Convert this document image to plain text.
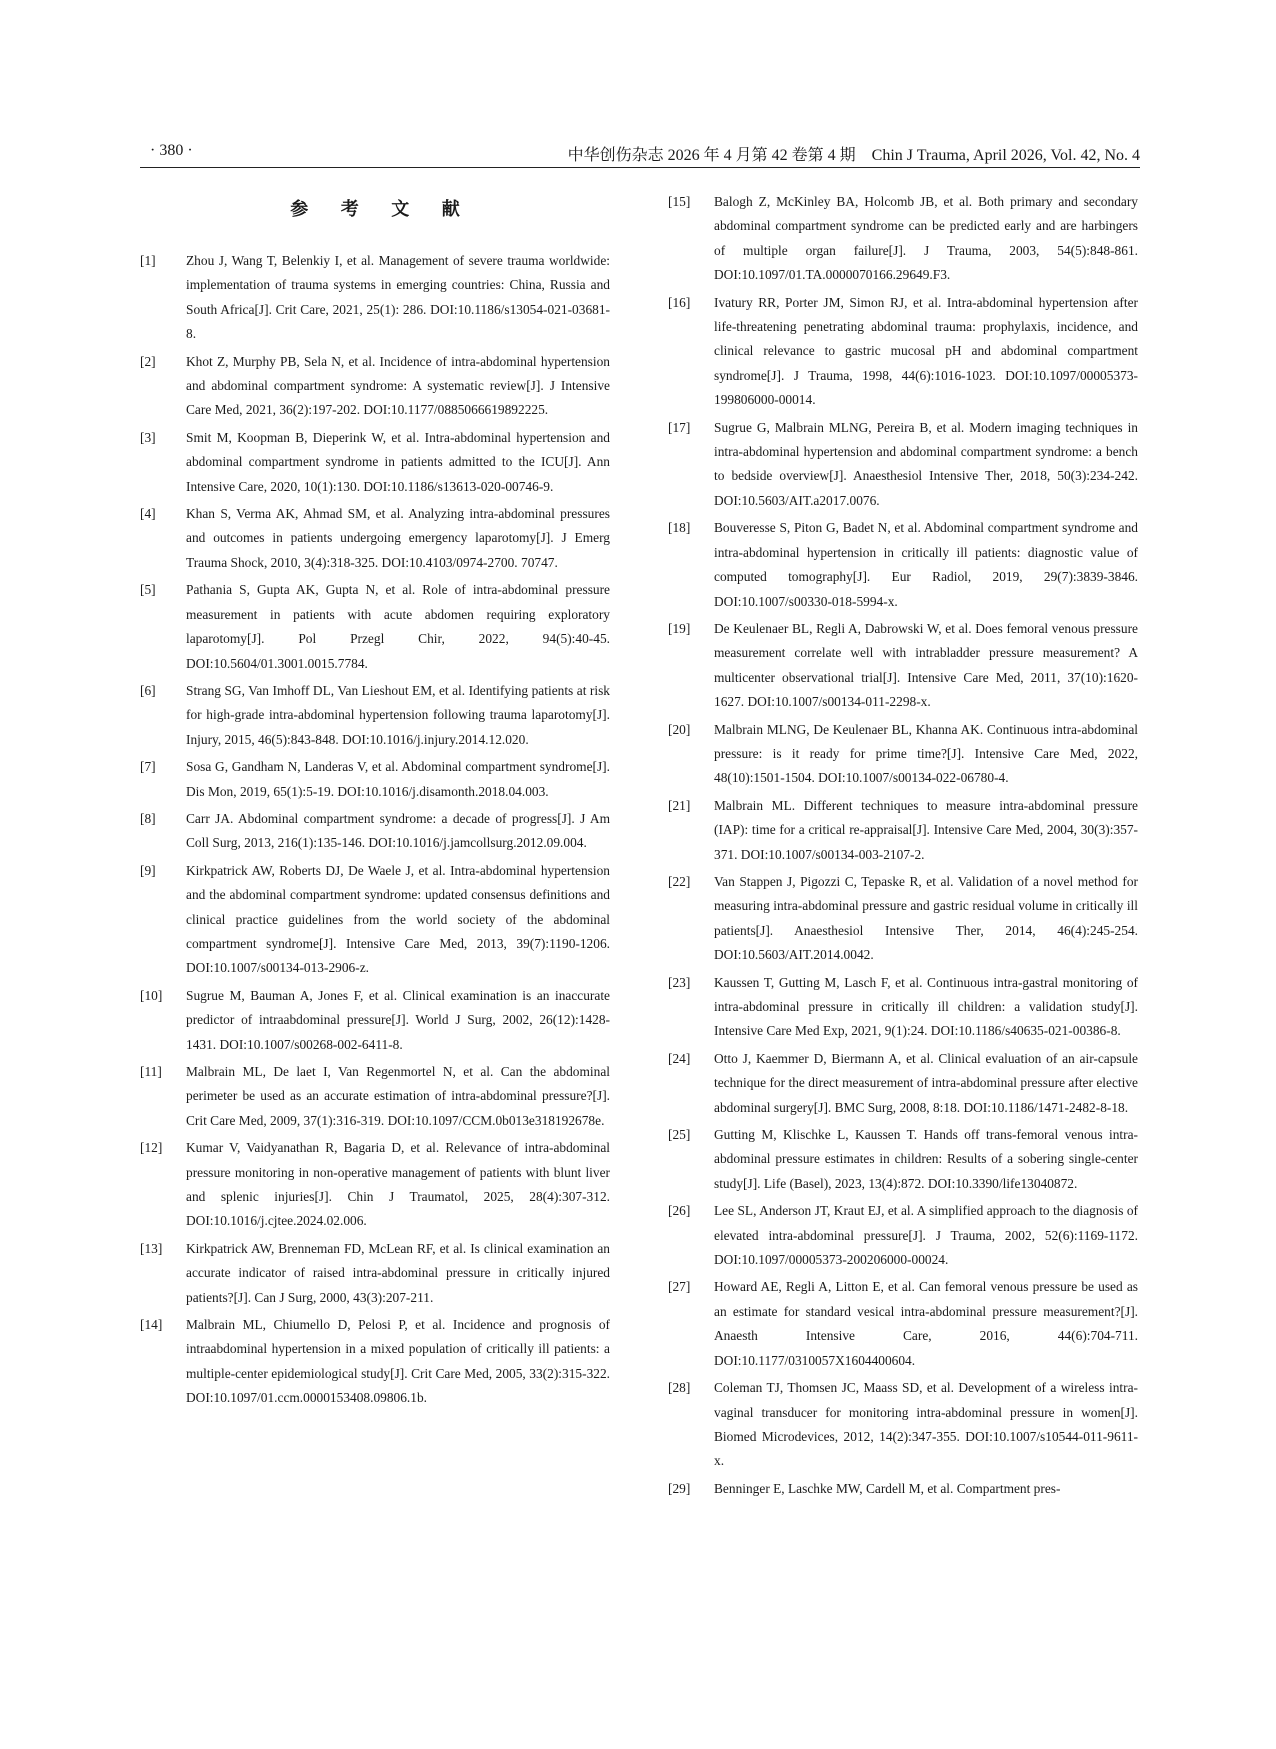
· 380 ·	中华创伤杂志 2026 年 4 月第 42 卷第 4 期　Chin J Trauma, April 2026, Vol. 42, No. 4
参 考 文 献
[1] Zhou J, Wang T, Belenkiy I, et al. Management of severe trauma worldwide: implementation of trauma systems in emerging countries: China, Russia and South Africa[J]. Crit Care, 2021, 25(1): 286. DOI:10.1186/s13054-021-03681-8.
[2] Khot Z, Murphy PB, Sela N, et al. Incidence of intra-abdominal hypertension and abdominal compartment syndrome: A systematic review[J]. J Intensive Care Med, 2021, 36(2):197-202. DOI:10.1177/0885066619892225.
[3] Smit M, Koopman B, Dieperink W, et al. Intra-abdominal hypertension and abdominal compartment syndrome in patients admitted to the ICU[J]. Ann Intensive Care, 2020, 10(1):130. DOI:10.1186/s13613-020-00746-9.
[4] Khan S, Verma AK, Ahmad SM, et al. Analyzing intra-abdominal pressures and outcomes in patients undergoing emergency laparotomy[J]. J Emerg Trauma Shock, 2010, 3(4):318-325. DOI:10.4103/0974-2700. 70747.
[5] Pathania S, Gupta AK, Gupta N, et al. Role of intra-abdominal pressure measurement in patients with acute abdomen requiring exploratory laparotomy[J]. Pol Przegl Chir, 2022, 94(5):40-45. DOI:10.5604/01.3001.0015.7784.
[6] Strang SG, Van Imhoff DL, Van Lieshout EM, et al. Identifying patients at risk for high-grade intra-abdominal hypertension following trauma laparotomy[J]. Injury, 2015, 46(5):843-848. DOI:10.1016/j.injury.2014.12.020.
[7] Sosa G, Gandham N, Landeras V, et al. Abdominal compartment syndrome[J]. Dis Mon, 2019, 65(1):5-19. DOI:10.1016/j.disamonth.2018.04.003.
[8] Carr JA. Abdominal compartment syndrome: a decade of progress[J]. J Am Coll Surg, 2013, 216(1):135-146. DOI:10.1016/j.jamcollsurg.2012.09.004.
[9] Kirkpatrick AW, Roberts DJ, De Waele J, et al. Intra-abdominal hypertension and the abdominal compartment syndrome: updated consensus definitions and clinical practice guidelines from the world society of the abdominal compartment syndrome[J]. Intensive Care Med, 2013, 39(7):1190-1206. DOI:10.1007/s00134-013-2906-z.
[10] Sugrue M, Bauman A, Jones F, et al. Clinical examination is an inaccurate predictor of intraabdominal pressure[J]. World J Surg, 2002, 26(12):1428-1431. DOI:10.1007/s00268-002-6411-8.
[11] Malbrain ML, De laet I, Van Regenmortel N, et al. Can the abdominal perimeter be used as an accurate estimation of intra-abdominal pressure?[J]. Crit Care Med, 2009, 37(1):316-319. DOI:10.1097/CCM.0b013e318192678e.
[12] Kumar V, Vaidyanathan R, Bagaria D, et al. Relevance of intra-abdominal pressure monitoring in non-operative management of patients with blunt liver and splenic injuries[J]. Chin J Traumatol, 2025, 28(4):307-312. DOI:10.1016/j.cjtee.2024.02.006.
[13] Kirkpatrick AW, Brenneman FD, McLean RF, et al. Is clinical examination an accurate indicator of raised intra-abdominal pressure in critically injured patients?[J]. Can J Surg, 2000, 43(3):207-211.
[14] Malbrain ML, Chiumello D, Pelosi P, et al. Incidence and prognosis of intraabdominal hypertension in a mixed population of critically ill patients: a multiple-center epidemiological study[J]. Crit Care Med, 2005, 33(2):315-322. DOI:10.1097/01.ccm.0000153408.09806.1b.
[15] Balogh Z, McKinley BA, Holcomb JB, et al. Both primary and secondary abdominal compartment syndrome can be predicted early and are harbingers of multiple organ failure[J]. J Trauma, 2003, 54(5):848-861. DOI:10.1097/01.TA.0000070166.29649.F3.
[16] Ivatury RR, Porter JM, Simon RJ, et al. Intra-abdominal hypertension after life-threatening penetrating abdominal trauma: prophylaxis, incidence, and clinical relevance to gastric mucosal pH and abdominal compartment syndrome[J]. J Trauma, 1998, 44(6):1016-1023. DOI:10.1097/00005373-199806000-00014.
[17] Sugrue G, Malbrain MLNG, Pereira B, et al. Modern imaging techniques in intra-abdominal hypertension and abdominal compartment syndrome: a bench to bedside overview[J]. Anaesthesiol Intensive Ther, 2018, 50(3):234-242. DOI:10.5603/AIT.a2017.0076.
[18] Bouveresse S, Piton G, Badet N, et al. Abdominal compartment syndrome and intra-abdominal hypertension in critically ill patients: diagnostic value of computed tomography[J]. Eur Radiol, 2019, 29(7):3839-3846. DOI:10.1007/s00330-018-5994-x.
[19] De Keulenaer BL, Regli A, Dabrowski W, et al. Does femoral venous pressure measurement correlate well with intrabladder pressure measurement? A multicenter observational trial[J]. Intensive Care Med, 2011, 37(10):1620-1627. DOI:10.1007/s00134-011-2298-x.
[20] Malbrain MLNG, De Keulenaer BL, Khanna AK. Continuous intra-abdominal pressure: is it ready for prime time?[J]. Intensive Care Med, 2022, 48(10):1501-1504. DOI:10.1007/s00134-022-06780-4.
[21] Malbrain ML. Different techniques to measure intra-abdominal pressure (IAP): time for a critical re-appraisal[J]. Intensive Care Med, 2004, 30(3):357-371. DOI:10.1007/s00134-003-2107-2.
[22] Van Stappen J, Pigozzi C, Tepaske R, et al. Validation of a novel method for measuring intra-abdominal pressure and gastric residual volume in critically ill patients[J]. Anaesthesiol Intensive Ther, 2014, 46(4):245-254. DOI:10.5603/AIT.2014.0042.
[23] Kaussen T, Gutting M, Lasch F, et al. Continuous intra-gastral monitoring of intra-abdominal pressure in critically ill children: a validation study[J]. Intensive Care Med Exp, 2021, 9(1):24. DOI:10.1186/s40635-021-00386-8.
[24] Otto J, Kaemmer D, Biermann A, et al. Clinical evaluation of an air-capsule technique for the direct measurement of intra-abdominal pressure after elective abdominal surgery[J]. BMC Surg, 2008, 8:18. DOI:10.1186/1471-2482-8-18.
[25] Gutting M, Klischke L, Kaussen T. Hands off trans-femoral venous intra-abdominal pressure estimates in children: Results of a sobering single-center study[J]. Life (Basel), 2023, 13(4):872. DOI:10.3390/life13040872.
[26] Lee SL, Anderson JT, Kraut EJ, et al. A simplified approach to the diagnosis of elevated intra-abdominal pressure[J]. J Trauma, 2002, 52(6):1169-1172. DOI:10.1097/00005373-200206000-00024.
[27] Howard AE, Regli A, Litton E, et al. Can femoral venous pressure be used as an estimate for standard vesical intra-abdominal pressure measurement?[J]. Anaesth Intensive Care, 2016, 44(6):704-711. DOI:10.1177/0310057X1604400604.
[28] Coleman TJ, Thomsen JC, Maass SD, et al. Development of a wireless intra-vaginal transducer for monitoring intra-abdominal pressure in women[J]. Biomed Microdevices, 2012, 14(2):347-355. DOI:10.1007/s10544-011-9611-x.
[29] Benninger E, Laschke MW, Cardell M, et al. Compartment pres-
